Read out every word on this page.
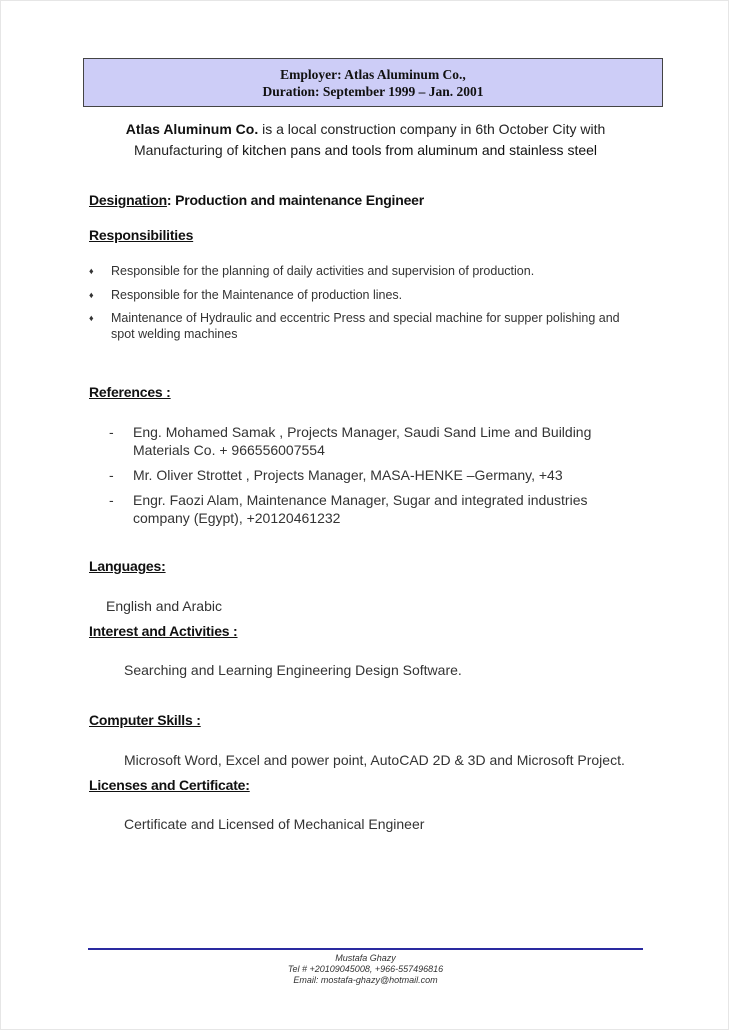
Employer: Atlas Aluminum Co.,
Duration: September 1999 – Jan. 2001
Atlas Aluminum Co. is a local construction company in 6th October City with
Manufacturing of kitchen pans and tools from aluminum and stainless steel
Designation: Production and maintenance Engineer
Responsibilities
♦ Responsible for the planning of daily activities and supervision of production.
♦ Responsible for the Maintenance of production lines.
♦ Maintenance of Hydraulic and eccentric Press and special machine for supper polishing and spot welding machines
References :
- Eng. Mohamed Samak , Projects Manager, Saudi Sand Lime and Building Materials Co. + 966556007554
- Mr. Oliver Strottet , Projects Manager, MASA-HENKE –Germany, +43
- Engr. Faozi Alam, Maintenance Manager, Sugar and integrated industries company (Egypt), +20120461232
Languages:
English and Arabic
Interest and Activities :
Searching and Learning Engineering Design Software.
Computer Skills :
Microsoft Word, Excel and power point, AutoCAD 2D & 3D and Microsoft Project.
Licenses and Certificate:
Certificate and Licensed of Mechanical Engineer
Mustafa Ghazy
Tel # +20109045008, +966-557496816
Email: mostafa-ghazy@hotmail.com
